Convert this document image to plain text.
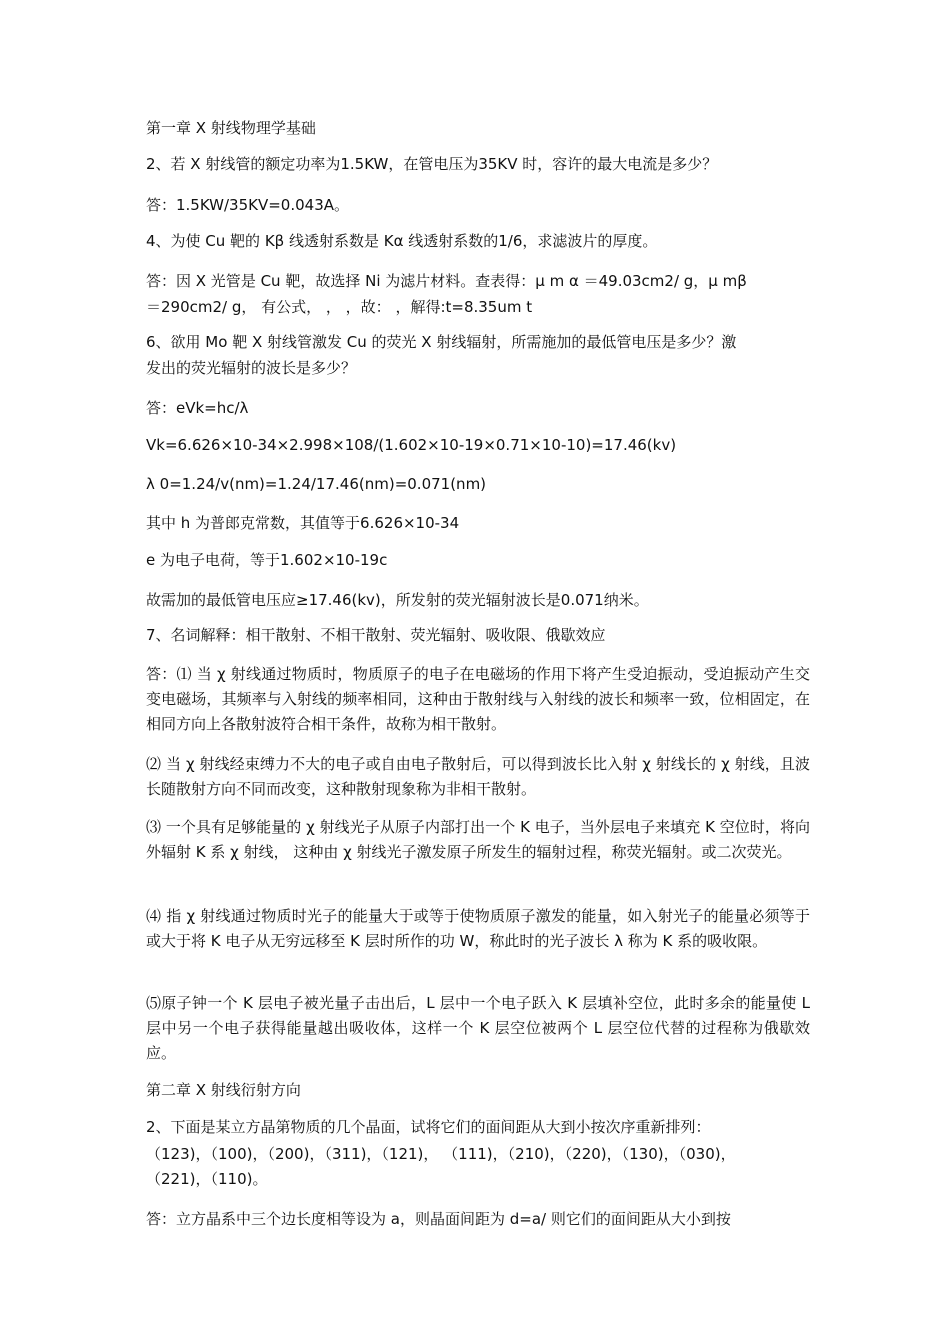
第一章 X 射线物理学基础
2、若 X 射线管的额定功率为1.5KW，在管电压为35KV 时，容许的最大电流是多少？
答：1.5KW/35KV=0.043A。
4、为使 Cu 靶的 Kβ 线透射系数是 Kα 线透射系数的1/6，求滤波片的厚度。
答：因 X 光管是 Cu 靶，故选择 Ni 为滤片材料。查表得：μ m α ＝49.03cm2/ g，μ mβ
＝290cm2/ g， 有公式， ， ，故： ，解得:t=8.35um t
6、欲用 Mo 靶 X 射线管激发 Cu 的荧光 X 射线辐射，所需施加的最低管电压是多少？激
发出的荧光辐射的波长是多少？
答：eVk=hc/λ
Vk=6.626×10-34×2.998×108/(1.602×10-19×0.71×10-10)=17.46(kv)
λ 0=1.24/v(nm)=1.24/17.46(nm)=0.071(nm)
其中 h 为普郎克常数，其值等于6.626×10-34
e 为电子电荷，等于1.602×10-19c
故需加的最低管电压应≥17.46(kv)，所发射的荧光辐射波长是0.071纳米。
7、名词解释：相干散射、不相干散射、荧光辐射、吸收限、俄歇效应
答：⑴ 当 χ 射线通过物质时，物质原子的电子在电磁场的作用下将产生受迫振动，受迫振动产生交变电磁场，其频率与入射线的频率相同，这种由于散射线与入射线的波长和频率一致，位相固定，在相同方向上各散射波符合相干条件，故称为相干散射。
⑵ 当 χ 射线经束缚力不大的电子或自由电子散射后，可以得到波长比入射 χ 射线长的 χ 射线，且波长随散射方向不同而改变，这种散射现象称为非相干散射。
⑶ 一个具有足够能量的 χ 射线光子从原子内部打出一个 K 电子，当外层电子来填充 K 空位时，将向外辐射 K 系 χ 射线， 这种由 χ 射线光子激发原子所发生的辐射过程，称荧光辐射。或二次荧光。
⑷ 指 χ 射线通过物质时光子的能量大于或等于使物质原子激发的能量，如入射光子的能量必须等于或大于将 K 电子从无穷远移至 K 层时所作的功 W，称此时的光子波长 λ 称为 K 系的吸收限。
⑸原子钟一个 K 层电子被光量子击出后，L 层中一个电子跃入 K 层填补空位，此时多余的能量使 L 层中另一个电子获得能量越出吸收体，这样一个 K 层空位被两个 L 层空位代替的过程称为俄歇效应。
第二章 X 射线衍射方向
2、下面是某立方晶第物质的几个晶面，试将它们的面间距从大到小按次序重新排列：
（123)，（100)，（200)，（311)，（121)， （111)，（210)，（220)，（130)，（030)，
（221)，（110)。
答：立方晶系中三个边长度相等设为 a，则晶面间距为 d=a/ 则它们的面间距从大小到按
